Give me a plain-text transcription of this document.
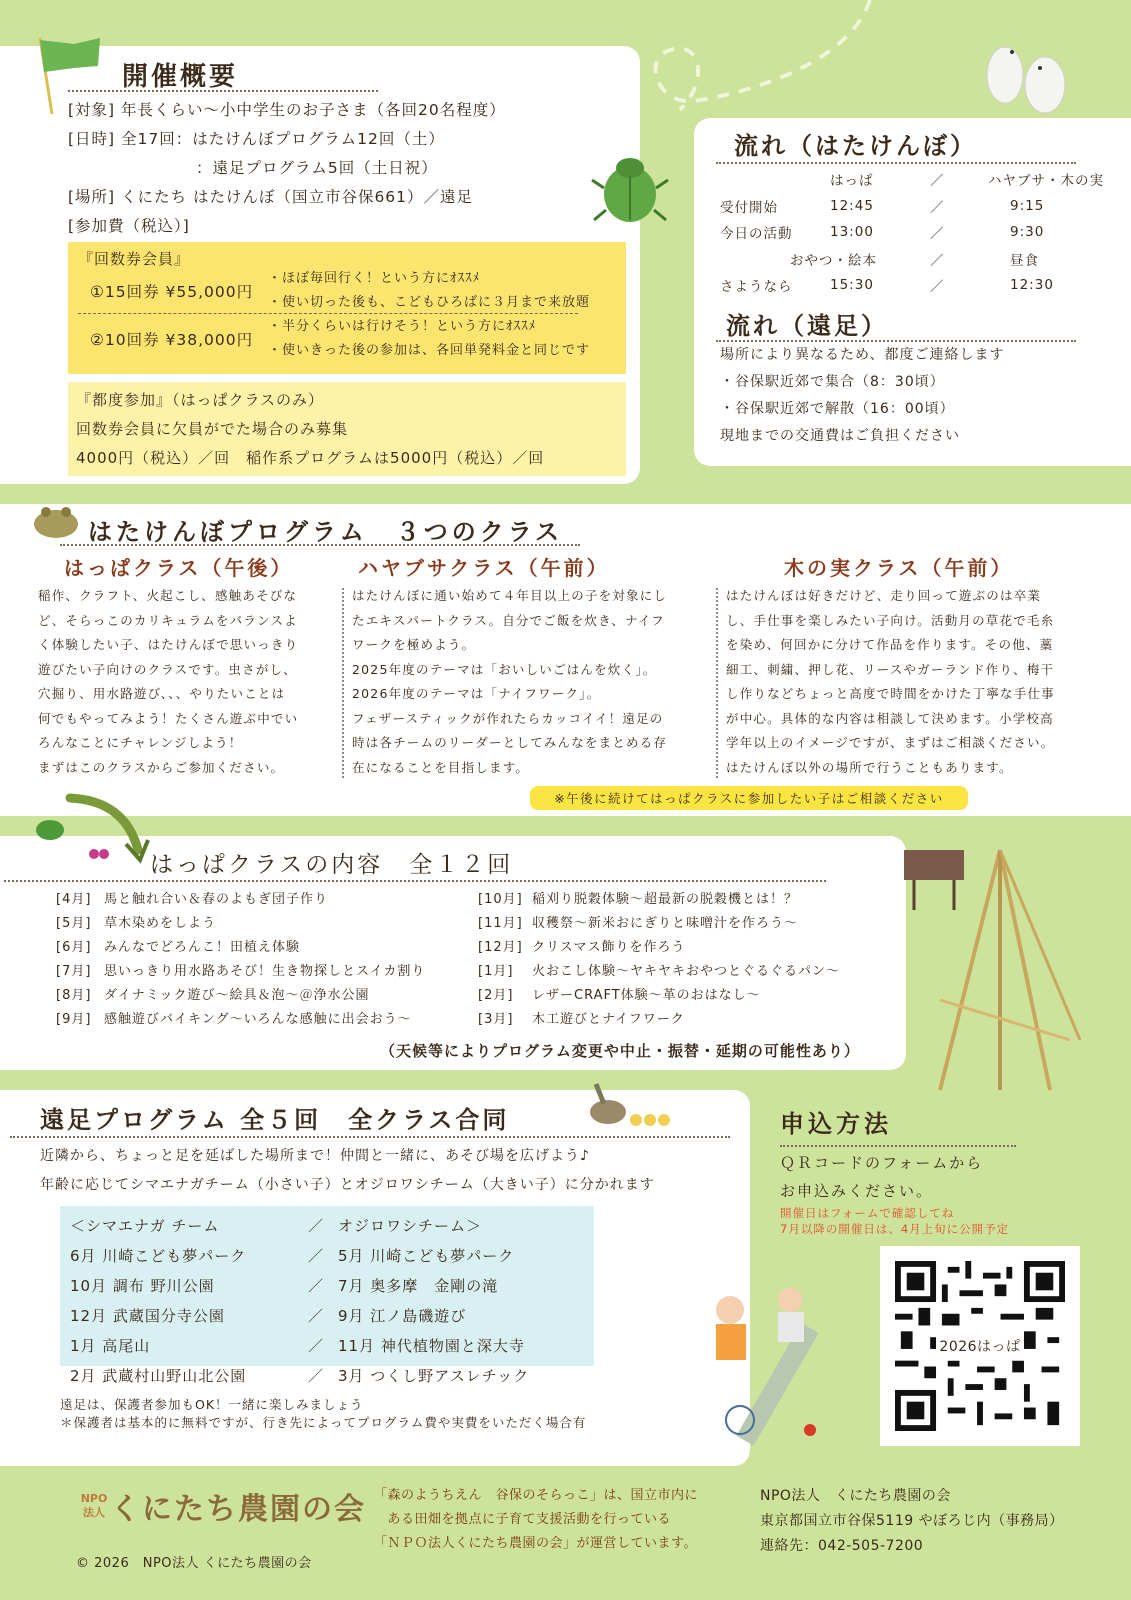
開催概要
[対象] 年長くらい〜小中学生のお子さま（各回20名程度）
[日時] 全17回：はたけんぼプログラム12回（土）
：遠足プログラム5回（土日祝）
[場所] くにたち はたけんぼ（国立市谷保661）／遠足
[参加費（税込）]
『回数券会員』
①15回券 ¥55,000円
・ほぼ毎回行く！という方にｵｽｽﾒ
・使い切った後も、こどもひろばに３月まで来放題
②10回券 ¥38,000円
・半分くらいは行けそう！という方にｵｽｽﾒ
・使いきった後の参加は、各回単発料金と同じです
『都度参加』（はっぱクラスのみ）
回数券会員に欠員がでた場合のみ募集
4000円（税込）／回　稲作系プログラムは5000円（税込）／回
流れ（はたけんぼ）
はっぱ	／	ハヤブサ・木の実
受付開始	12:45	／	9:15
今日の活動	13:00	／	9:30
おやつ・絵本	／	昼食
さようなら	15:30	／	12:30
流れ（遠足）
場所により異なるため、都度ご連絡します
・谷保駅近郊で集合（8：30頃）
・谷保駅近郊で解散（16：00頃）
現地までの交通費はご負担ください
はたけんぼプログラム　３つのクラス
はっぱクラス（午後）
稲作、クラフト、火起こし、感触あそびな
ど、そらっこのカリキュラムをバランスよ
く体験したい子、はたけんぼで思いっきり
遊びたい子向けのクラスです。虫さがし、
穴掘り、用水路遊び、、、やりたいことは
何でもやってみよう！たくさん遊ぶ中でい
ろんなことにチャレンジしよう！
まずはこのクラスからご参加ください。
ハヤブサクラス（午前）
はたけんぼに通い始めて４年目以上の子を対象にし
たエキスパートクラス。自分でご飯を炊き、ナイフ
ワークを極めよう。
2025年度のテーマは「おいしいごはんを炊く」。
2026年度のテーマは「ナイフワーク」。
フェザースティックが作れたらカッコイイ！遠足の
時は各チームのリーダーとしてみんなをまとめる存
在になることを目指します。
木の実クラス（午前）
はたけんぼは好きだけど、走り回って遊ぶのは卒業
し、手仕事を楽しみたい子向け。活動月の草花で毛糸
を染め、何回かに分けて作品を作ります。その他、藁
細工、刺繍、押し花、リースやガーランド作り、梅干
し作りなどちょっと高度で時間をかけた丁寧な手仕事
が中心。具体的な内容は相談して決めます。小学校高
学年以上のイメージですが、まずはご相談ください。
はたけんぼ以外の場所で行うこともあります。
※午後に続けてはっぱクラスに参加したい子はご相談ください
はっぱクラスの内容　全１２回
[4月] 馬と触れ合い＆春のよもぎ団子作り
[5月] 草木染めをしよう
[6月] みんなでどろんこ！田植え体験
[7月] 思いっきり用水路あそび！生き物探しとスイカ割り
[8月] ダイナミック遊び〜絵具＆泡〜＠浄水公園
[9月] 感触遊びバイキング〜いろんな感触に出会おう〜
[10月] 稲刈り脱穀体験〜超最新の脱穀機とは！？
[11月] 収穫祭〜新米おにぎりと味噌汁を作ろう〜
[12月] クリスマス飾りを作ろう
[1月] 火おこし体験〜ヤキヤキおやつとぐるぐるパン〜
[2月] レザーCRAFT体験〜革のおはなし〜
[3月] 木工遊びとナイフワーク
（天候等によりプログラム変更や中止・振替・延期の可能性あり）
遠足プログラム 全５回　全クラス合同
近隣から、ちょっと足を延ばした場所まで！仲間と一緒に、あそび場を広げよう♪
年齢に応じてシマエナガチーム（小さい子）とオジロワシチーム（大きい子）に分かれます
＜シマエナガ チーム	／ オジロワシチーム＞
6月 川崎こども夢パーク	／ 5月 川崎こども夢パーク
10月 調布 野川公園	／ 7月 奥多摩　金剛の滝
12月 武蔵国分寺公園	／ 9月 江ノ島磯遊び
1月 高尾山	／ 11月 神代植物園と深大寺
2月 武蔵村山野山北公園	／ 3月 つくし野アスレチック
遠足は、保護者参加もOK！一緒に楽しみましょう
＊保護者は基本的に無料ですが、行き先によってプログラム費や実費をいただく場合有
申込方法
ＱＲコードのフォームから
お申込みください。
開催日はフォームで確認してね
7月以降の開催日は、4月上旬に公開予定
2026はっぱ
NPO法人 くにたち農園の会
© 2026　NPO法人 くにたち農園の会
「森のようちえん　谷保のそらっこ」は、国立市内に
　ある田畑を拠点に子育て支援活動を行っている
「ＮＰＯ法人くにたち農園の会」が運営しています。
NPO法人　くにたち農園の会
東京都国立市谷保5119 やぼろじ内（事務局）
連絡先：042-505-7200
